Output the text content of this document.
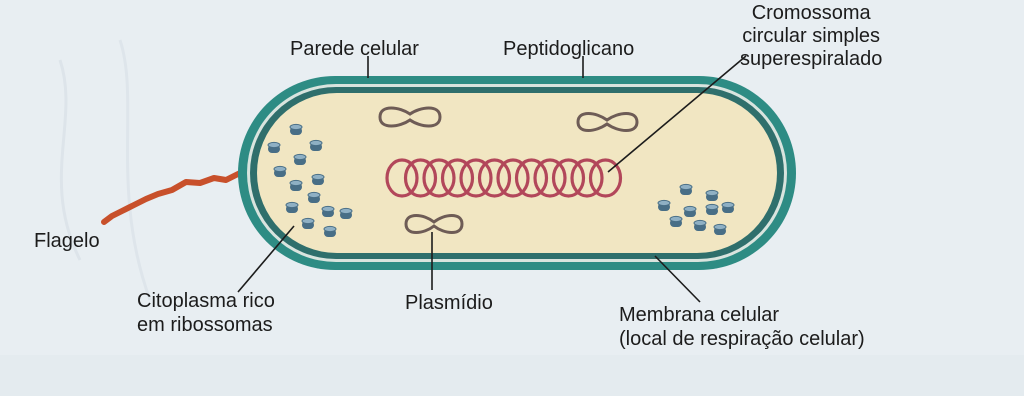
Parede celular	Peptidoglicano
Cromossoma
circular simples
superespiralado
Flagelo
Citoplasma rico
em ribossomas
Plasmídio
Membrana celular
(local de respiração celular)
